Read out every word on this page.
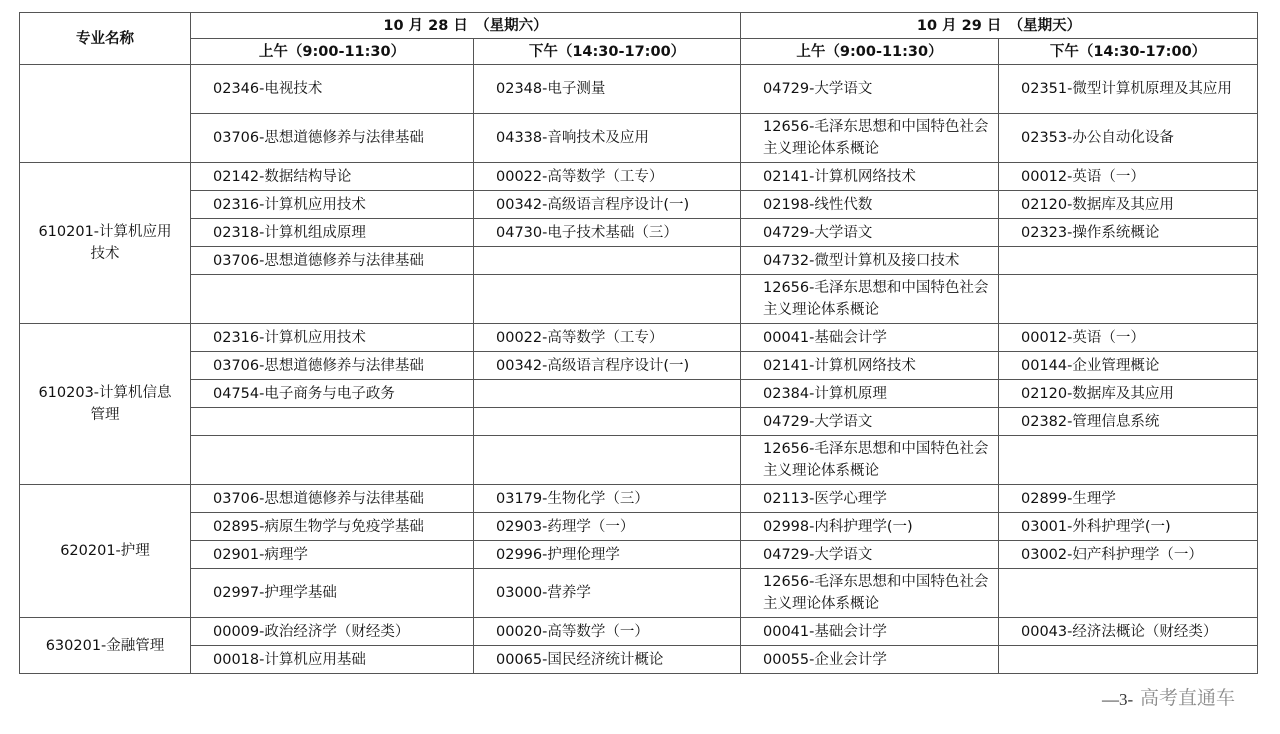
专业名称	10 月 28 日　（星期六）		10 月 29 日　（星期天）	
	上午（9:00-11:30）	下午（14:30-17:00）	上午（9:00-11:30）	下午（14:30-17:00）
	02346-电视技术	02348-电子测量	04729-大学语文	02351-微型计算机原理及其应用
	03706-思想道德修养与法律基础	04338-音响技术及应用	12656-毛泽东思想和中国特色社会主义理论体系概论	02353-办公自动化设备
610201-计算机应用技术	02142-数据结构导论	00022-高等数学（工专）	02141-计算机网络技术	00012-英语（一）
	02316-计算机应用技术	00342-高级语言程序设计(一)	02198-线性代数	02120-数据库及其应用
	02318-计算机组成原理	04730-电子技术基础（三）	04729-大学语文	02323-操作系统概论
	03706-思想道德修养与法律基础		04732-微型计算机及接口技术	
			12656-毛泽东思想和中国特色社会主义理论体系概论	
610203-计算机信息管理	02316-计算机应用技术	00022-高等数学（工专）	00041-基础会计学	00012-英语（一）
	03706-思想道德修养与法律基础	00342-高级语言程序设计(一)	02141-计算机网络技术	00144-企业管理概论
	04754-电子商务与电子政务		02384-计算机原理	02120-数据库及其应用
			04729-大学语文	02382-管理信息系统
			12656-毛泽东思想和中国特色社会主义理论体系概论	
620201-护理	03706-思想道德修养与法律基础	03179-生物化学（三）	02113-医学心理学	02899-生理学
	02895-病原生物学与免疫学基础	02903-药理学（一）	02998-内科护理学(一)	03001-外科护理学(一)
	02901-病理学	02996-护理伦理学	04729-大学语文	03002-妇产科护理学（一）
	02997-护理学基础	03000-营养学	12656-毛泽东思想和中国特色社会主义理论体系概论	
630201-金融管理	00009-政治经济学（财经类）	00020-高等数学（一）	00041-基础会计学	00043-经济法概论（财经类）
	00018-计算机应用基础	00065-国民经济统计概论	00055-企业会计学	
—3- 高考直通车
